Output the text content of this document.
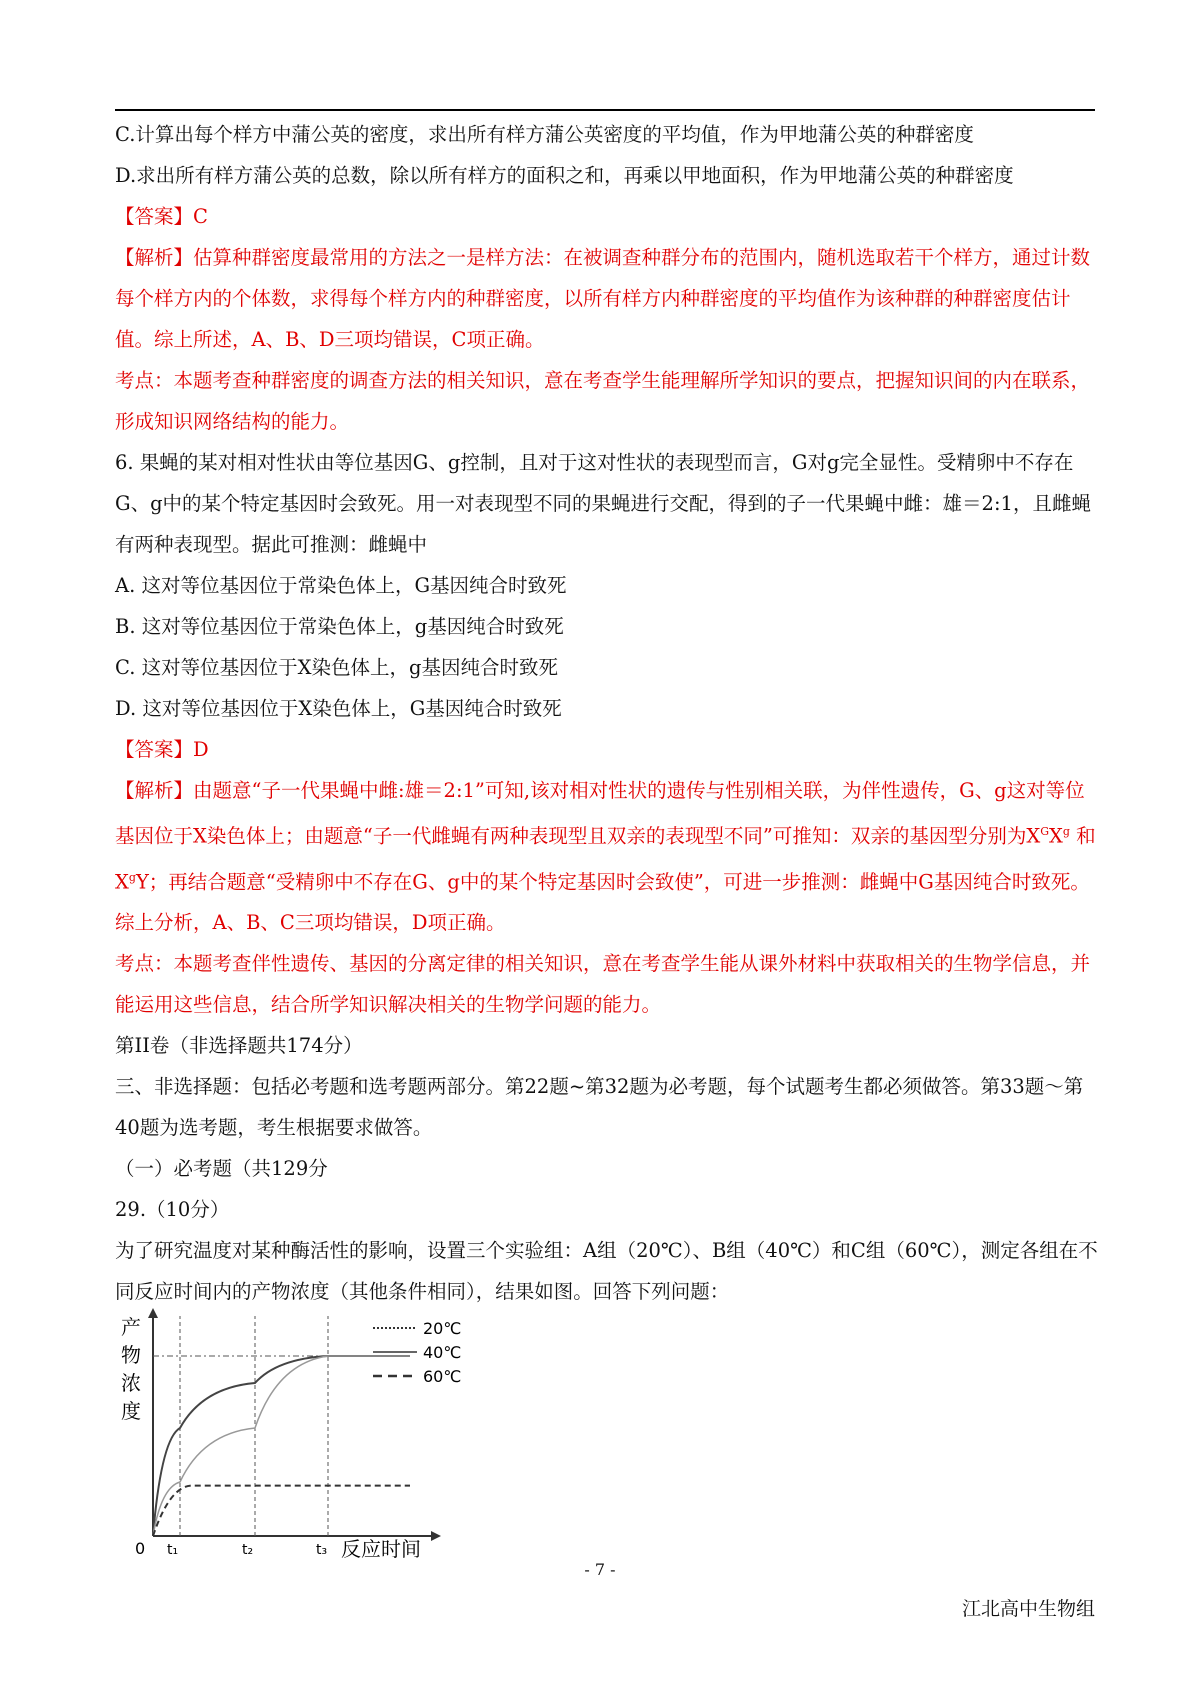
C.计算出每个样方中蒲公英的密度，求出所有样方蒲公英密度的平均值，作为甲地蒲公英的种群密度

D.求出所有样方蒲公英的总数，除以所有样方的面积之和，再乘以甲地面积，作为甲地蒲公英的种群密度

【答案】C

【解析】估算种群密度最常用的方法之一是样方法：在被调查种群分布的范围内，随机选取若干个样方，通过计数每个样方内的个体数，求得每个样方内的种群密度，以所有样方内种群密度的平均值作为该种群的种群密度估计值。综上所述，A、B、D三项均错误，C项正确。

考点：本题考查种群密度的调查方法的相关知识，意在考查学生能理解所学知识的要点，把握知识间的内在联系，形成知识网络结构的能力。

6. 果蝇的某对相对性状由等位基因G、g控制，且对于这对性状的表现型而言，G对g完全显性。受精卵中不存在G、g中的某个特定基因时会致死。用一对表现型不同的果蝇进行交配，得到的子一代果蝇中雌：雄＝2:1，且雌蝇有两种表现型。据此可推测：雌蝇中

A. 这对等位基因位于常染色体上，G基因纯合时致死

B. 这对等位基因位于常染色体上，g基因纯合时致死

C. 这对等位基因位于X染色体上，g基因纯合时致死

D. 这对等位基因位于X染色体上，G基因纯合时致死

【答案】D

【解析】由题意“子一代果蝇中雌:雄＝2:1”可知,该对相对性状的遗传与性别相关联，为伴性遗传，G、g这对等位基因位于X染色体上；由题意“子一代雌蝇有两种表现型且双亲的表现型不同”可推知：双亲的基因型分别为$X^GX^g$ 和 $X^gY$；再结合题意“受精卵中不存在G、g中的某个特定基因时会致使”，可进一步推测：雌蝇中G基因纯合时致死。综上分析，A、B、C三项均错误，D项正确。

考点：本题考查伴性遗传、基因的分离定律的相关知识，意在考查学生能从课外材料中获取相关的生物学信息，并能运用这些信息，结合所学知识解决相关的生物学问题的能力。

第II卷（非选择题共174分）

三、非选择题：包括必考题和选考题两部分。第22题~第32题为必考题，每个试题考生都必须做答。第33题～第40题为选考题，考生根据要求做答。

（一）必考题（共129分

29.（10分）

为了研究温度对某种酶活性的影响，设置三个实验组：A组（20℃）、B组（40℃）和C组（60℃），测定各组在不同反应时间内的产物浓度（其他条件相同），结果如图。回答下列问题：

产
物
浓
度
0 t₁	t₂	t₃ 反应时间
20℃
40℃
60℃
- 7 -
江北高中生物组
